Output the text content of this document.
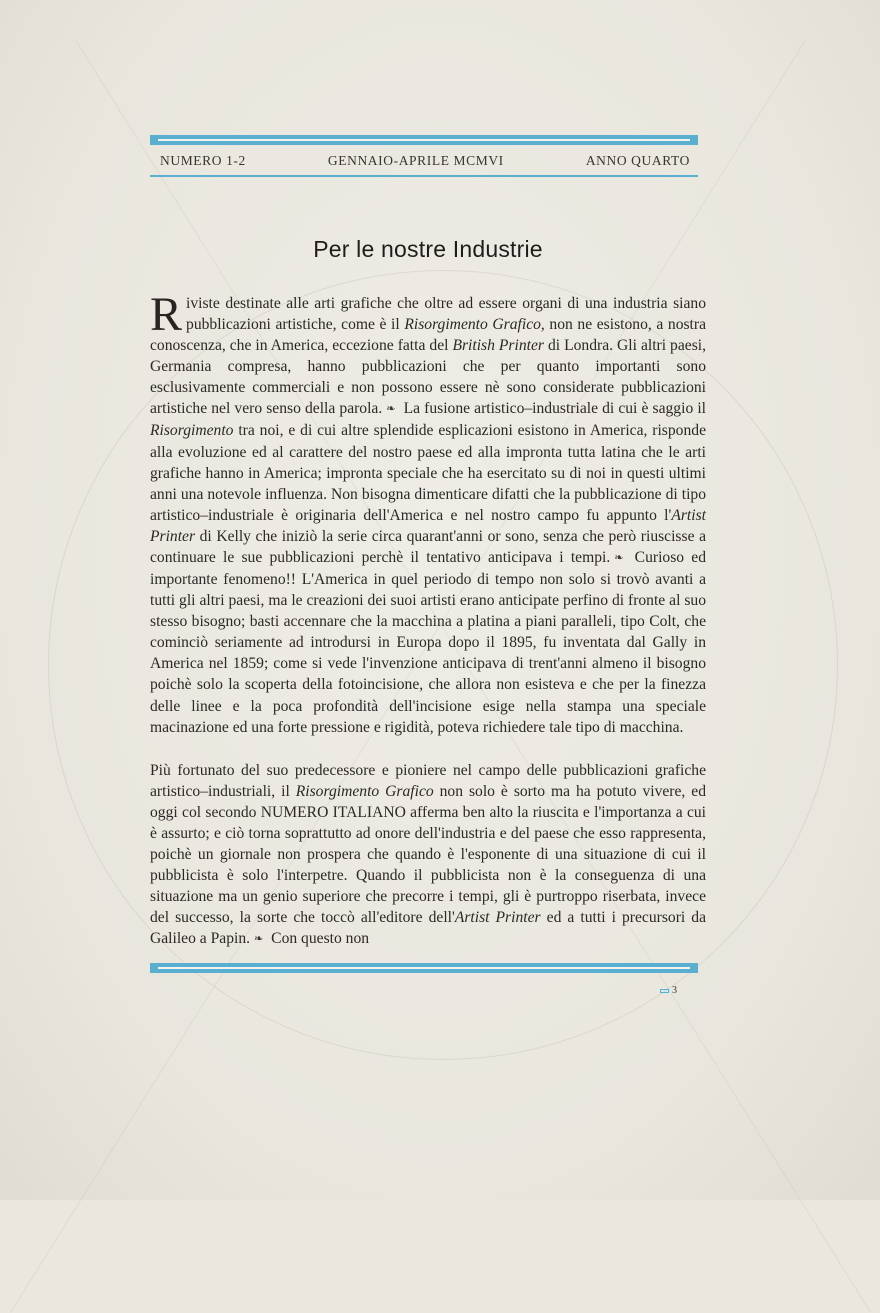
NUMERO 1-2	GENNAIO-APRILE MCMVI	ANNO QUARTO
Per le nostre Industrie

Riviste destinate alle arti grafiche che oltre ad essere organi di una industria siano pubblicazioni artistiche, come è il Risorgimento Grafico, non ne esistono, a nostra conoscenza, che in America, eccezione fatta del British Printer di Londra. Gli altri paesi, Germania compresa, hanno pubblicazioni che per quanto importanti sono esclusivamente commerciali e non possono essere nè sono considerate pubblicazioni artistiche nel vero senso della parola. ❧ La fusione artistico–industriale di cui è saggio il Risorgimento tra noi, e di cui altre splendide esplicazioni esistono in America, risponde alla evoluzione ed al carattere del nostro paese ed alla impronta tutta latina che le arti grafiche hanno in America; impronta speciale che ha esercitato su di noi in questi ultimi anni una notevole influenza. Non bisogna dimenticare difatti che la pubblicazione di tipo artistico–industriale è originaria dell'America e nel nostro campo fu appunto l'Artist Printer di Kelly che iniziò la serie circa quarant'anni or sono, senza che però riuscisse a continuare le sue pubblicazioni perchè il tentativo anticipava i tempi. ❧ Curioso ed importante fenomeno!! L'America in quel periodo di tempo non solo si trovò avanti a tutti gli altri paesi, ma le creazioni dei suoi artisti erano anticipate perfino di fronte al suo stesso bisogno; basti accennare che la macchina a platina a piani paralleli, tipo Colt, che cominciò seriamente ad introdursi in Europa dopo il 1895, fu inventata dal Gally in America nel 1859; come si vede l'invenzione anticipava di trent'anni almeno il bisogno poichè solo la scoperta della fotoincisione, che allora non esisteva e che per la finezza delle linee e la poca profondità dell'incisione esige nella stampa una speciale macinazione ed una forte pressione e rigidità, poteva richiedere tale tipo di macchina.

Più fortunato del suo predecessore e pioniere nel campo delle pubblicazioni grafiche artistico–industriali, il Risorgimento Grafico non solo è sorto ma ha potuto vivere, ed oggi col secondo NUMERO ITALIANO afferma ben alto la riuscita e l'importanza a cui è assurto; e ciò torna soprattutto ad onore dell'industria e del paese che esso rappresenta, poichè un giornale non prospera che quando è l'esponente di una situazione di cui il pubblicista è solo l'interpetre. Quando il pubblicista non è la conseguenza di una situazione ma un genio superiore che precorre i tempi, gli è purtroppo riserbata, invece del successo, la sorte che toccò all'editore dell'Artist Printer ed a tutti i precursori da Galileo a Papin. ❧ Con questo non

3
